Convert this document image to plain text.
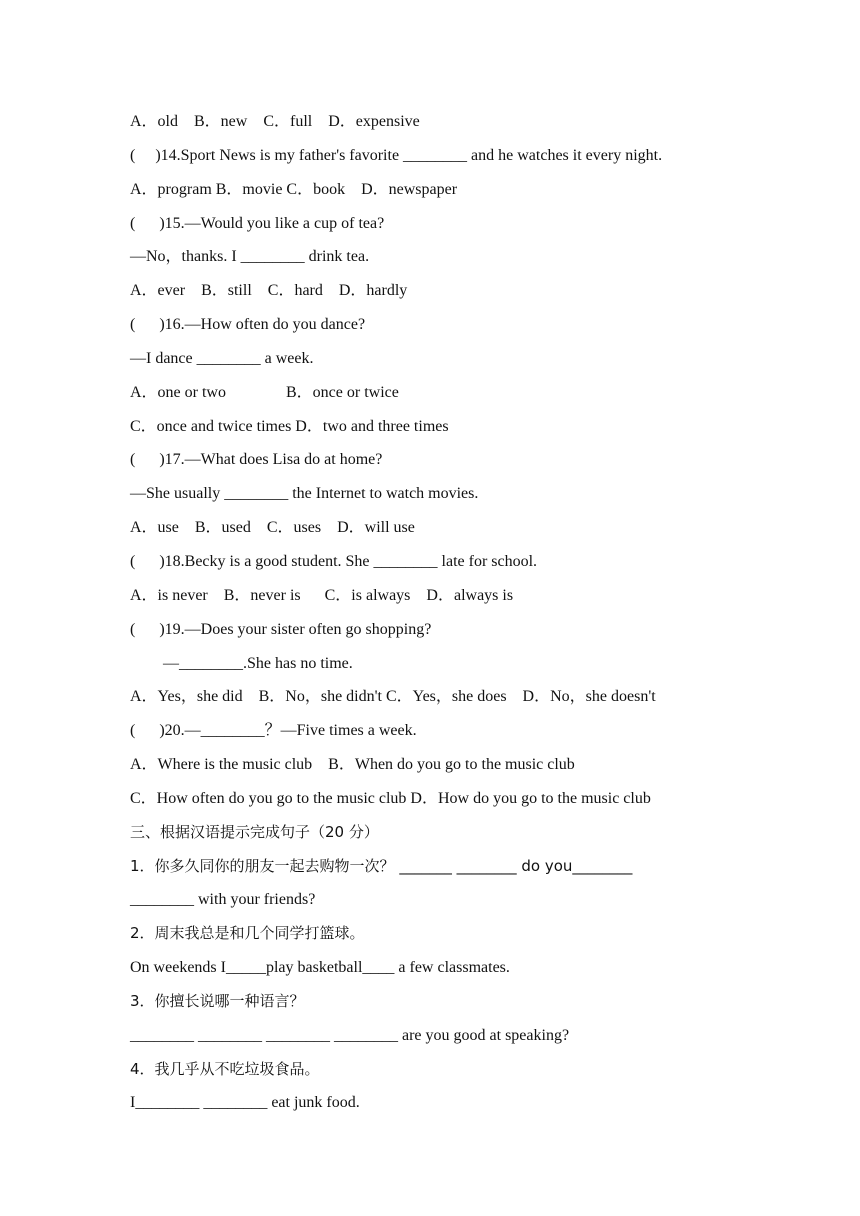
A．old    B．new    C．full    D．expensive
(     )14.Sport News is my father's favorite ________ and he watches it every night.
A．program B．movie C．book    D．newspaper
(      )15.—Would you like a cup of tea?
—No，thanks. I ________ drink tea.
A．ever    B．still    C．hard    D．hardly
(      )16.—How often do you dance?
—I dance ________ a week.
A．one or two               B．once or twice
C．once and twice times D．two and three times
(      )17.—What does Lisa do at home?
—She usually ________ the Internet to watch movies.
A．use    B．used    C．uses    D．will use
(      )18.Becky is a good student. She ________ late for school.
A．is never    B．never is      C．is always    D．always is
(      )19.—Does your sister often go shopping?
—________.She has no time.
A．Yes，she did    B．No，she didn't C．Yes，she does    D．No，she doesn't
(      )20.—________？—Five times a week.
A．Where is the music club    B．When do you go to the music club
C．How often do you go to the music club D．How do you go to the music club
三、根据汉语提示完成句子（20 分）
1．你多久同你的朋友一起去购物一次？ _______ ________ do you________
________ with your friends?
2．周末我总是和几个同学打篮球。
On weekends I_____play basketball____ a few classmates.
3．你擅长说哪一种语言？
________ ________ ________ ________ are you good at speaking?
4．我几乎从不吃垃圾食品。
I________ ________ eat junk food.
